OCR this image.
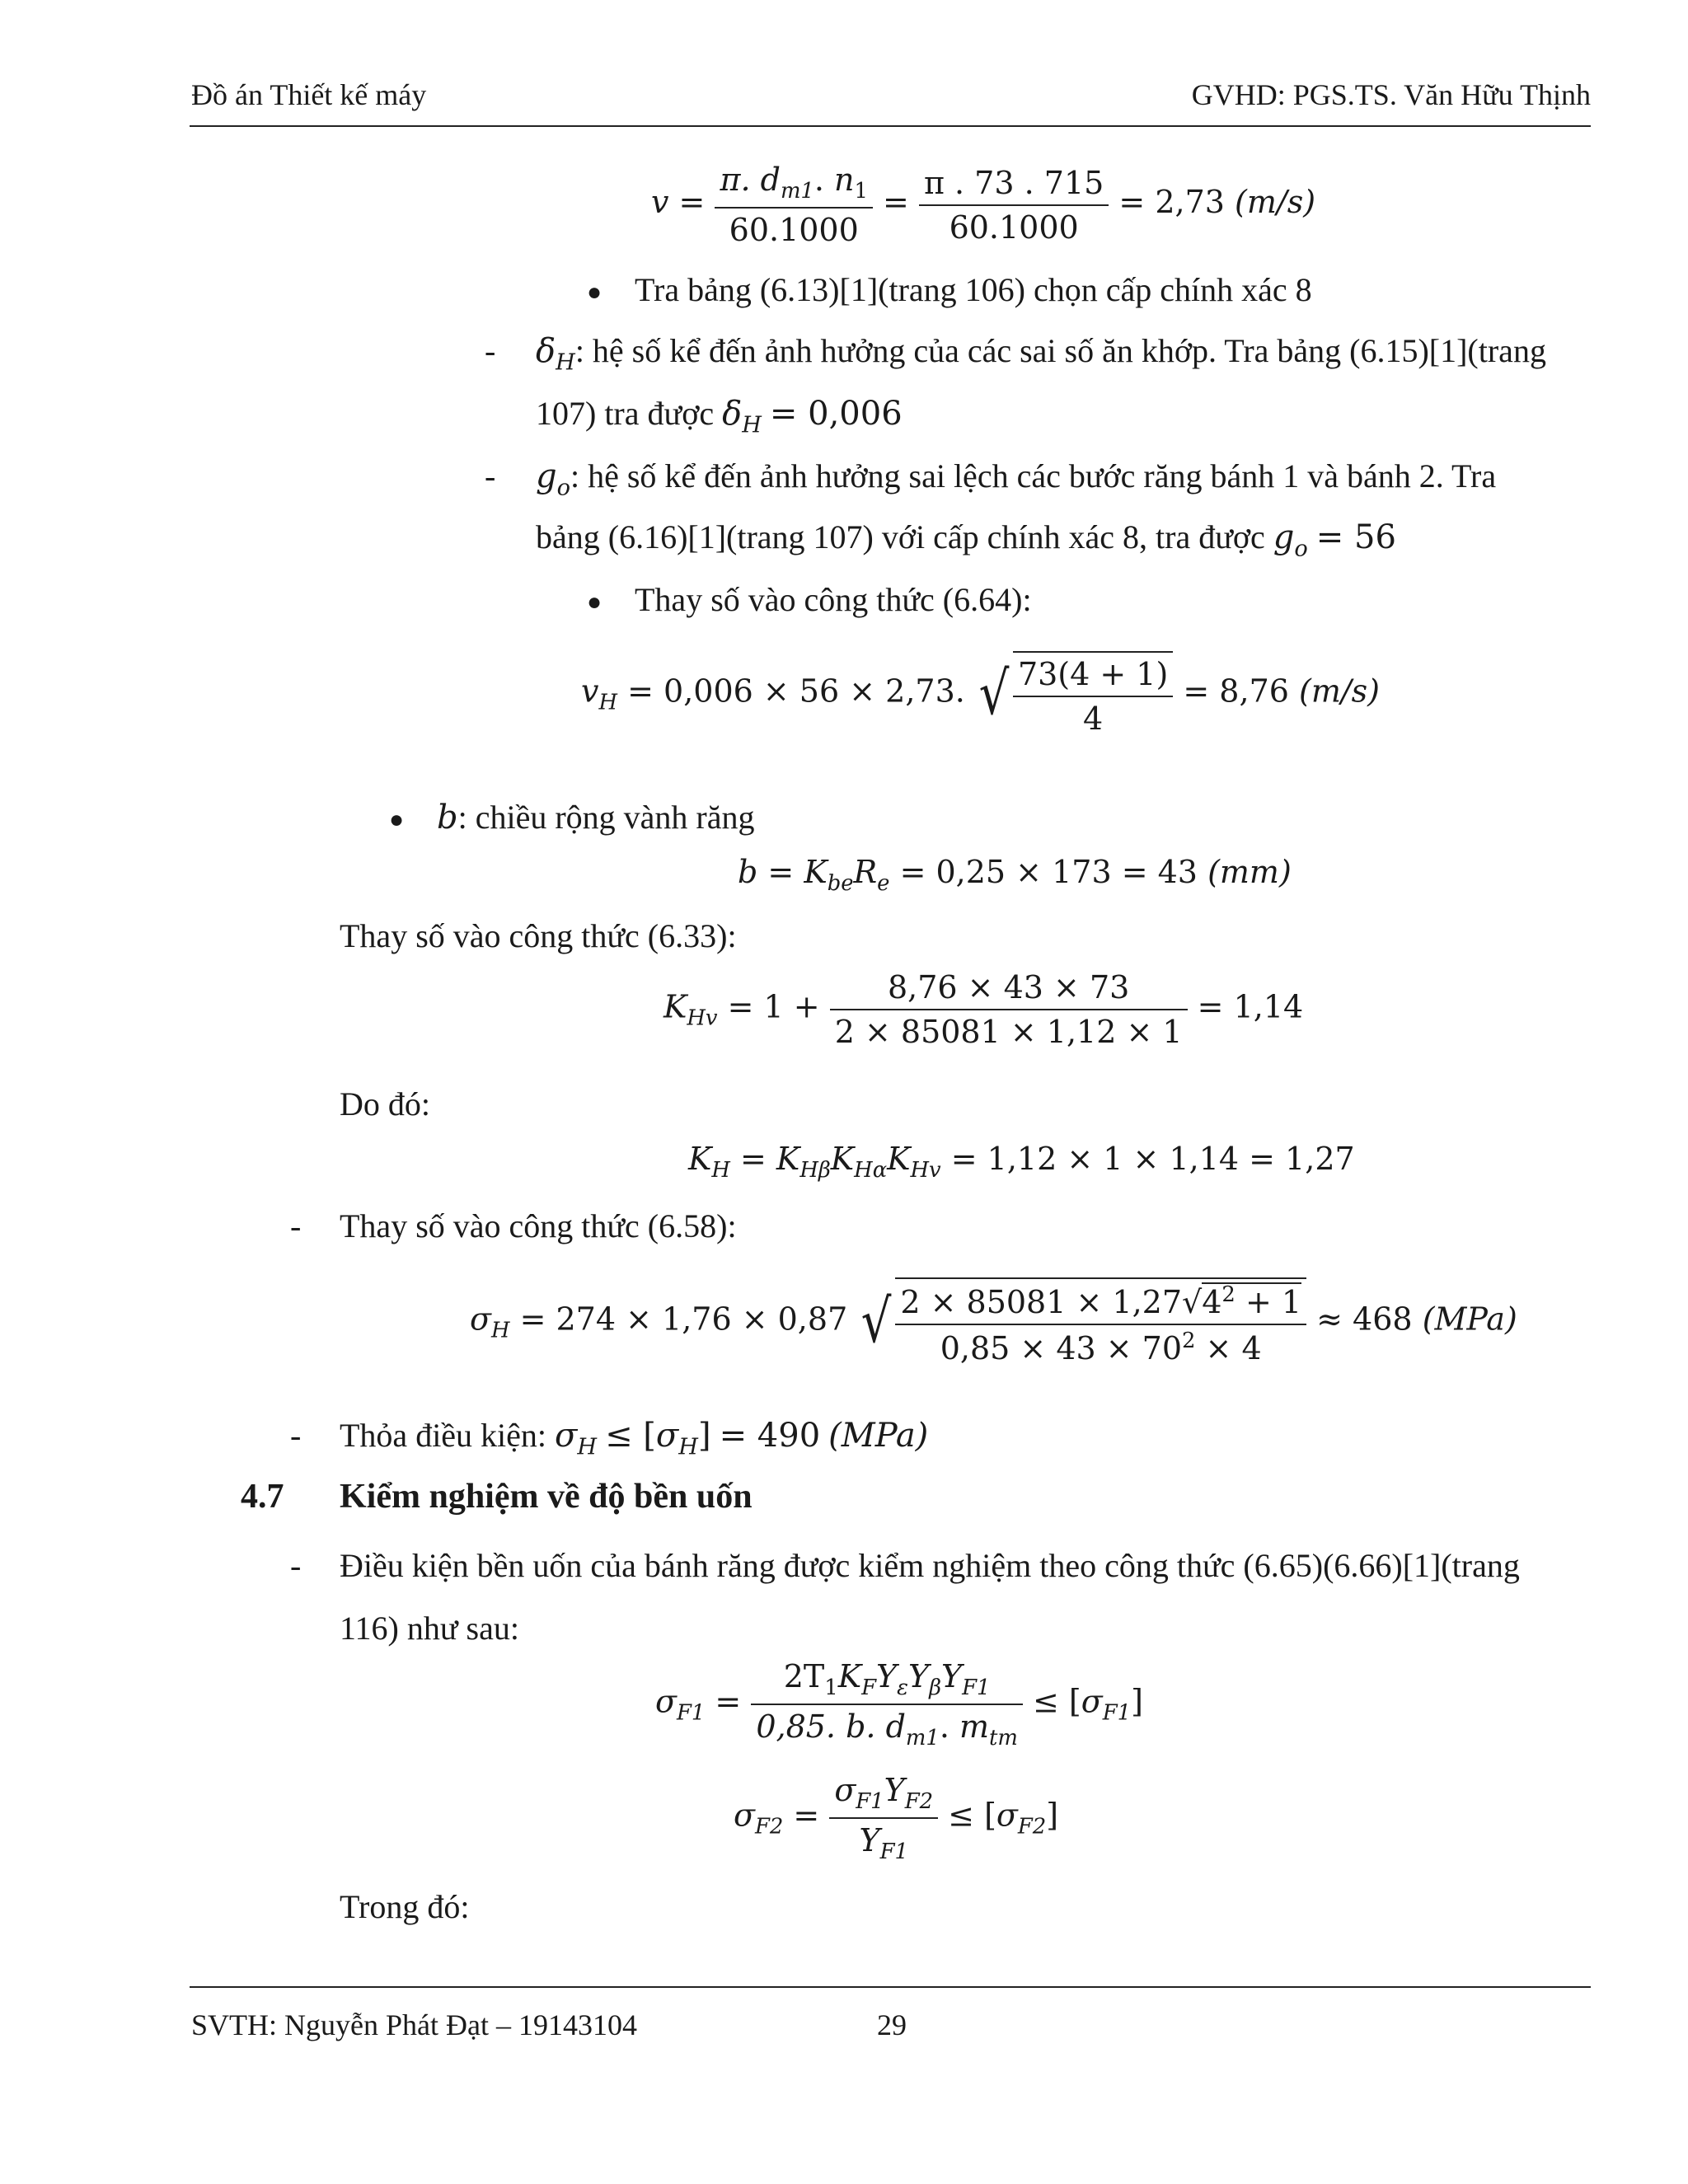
Đồ án Thiết kế máy	GVHD: PGS.TS. Văn Hữu Thịnh
$v = \frac{\pi. d_{m1}. n_1}{60.1000} = \frac{\pi . 73 . 715}{60.1000} = 2,73$ (m/s)
● Tra bảng (6.13)[1](trang 106) chọn cấp chính xác 8
- $\delta_H$: hệ số kể đến ảnh hưởng của các sai số ăn khớp. Tra bảng (6.15)[1](trang
107) tra được $\delta_H = 0,006$
- $g_o$: hệ số kể đến ảnh hưởng sai lệch các bước răng bánh 1 và bánh 2. Tra
bảng (6.16)[1](trang 107) với cấp chính xác 8, tra được $g_o = 56$
● Thay số vào công thức (6.64):
$v_H = 0,006 \times 56 \times 2,73$. √ $\frac{73(4 + 1)}{4} = 8,76$ (m/s)
● b: chiều rộng vành răng
$b = K_{be}R_e = 0,25 \times 173 = 43$ (mm)
Thay số vào công thức (6.33):
$K_{Hv} = 1 + \frac{8,76 \times 43 \times 73}{2 \times 85081 \times 1,12 \times 1} = 1,14$
Do đó:
$K_H = K_{H\beta}K_{H\alpha}K_{Hv} = 1,12 \times 1 \times 1,14 = 1,27$
- Thay số vào công thức (6.58):
$\sigma_H = 274 \times 1,76 \times 0,87$ √ $\frac{2 \times 85081 \times 1,27√4^2 + 1}{0,85 \times 43 \times 70^2 \times 4} \approx 468$ (MPa)
- Thỏa điều kiện: $\sigma_H \le [\sigma_H] = 490$ (MPa)
4.7 Kiểm nghiệm về độ bền uốn
- Điều kiện bền uốn của bánh răng được kiểm nghiệm theo công thức (6.65)(6.66)[1](trang
116) như sau:
$\sigma_{F1} = \frac{2T_1K_FY_\varepsilon Y_\beta Y_{F1}}{0,85. b. d_{m1}. m_{tm}} \le [\sigma_{F1}]$
$\sigma_{F2} = \frac{\sigma_{F1}Y_{F2}}{Y_{F1}} \le [\sigma_{F2}]$
Trong đó:
SVTH: Nguyễn Phát Đạt – 19143104	29
